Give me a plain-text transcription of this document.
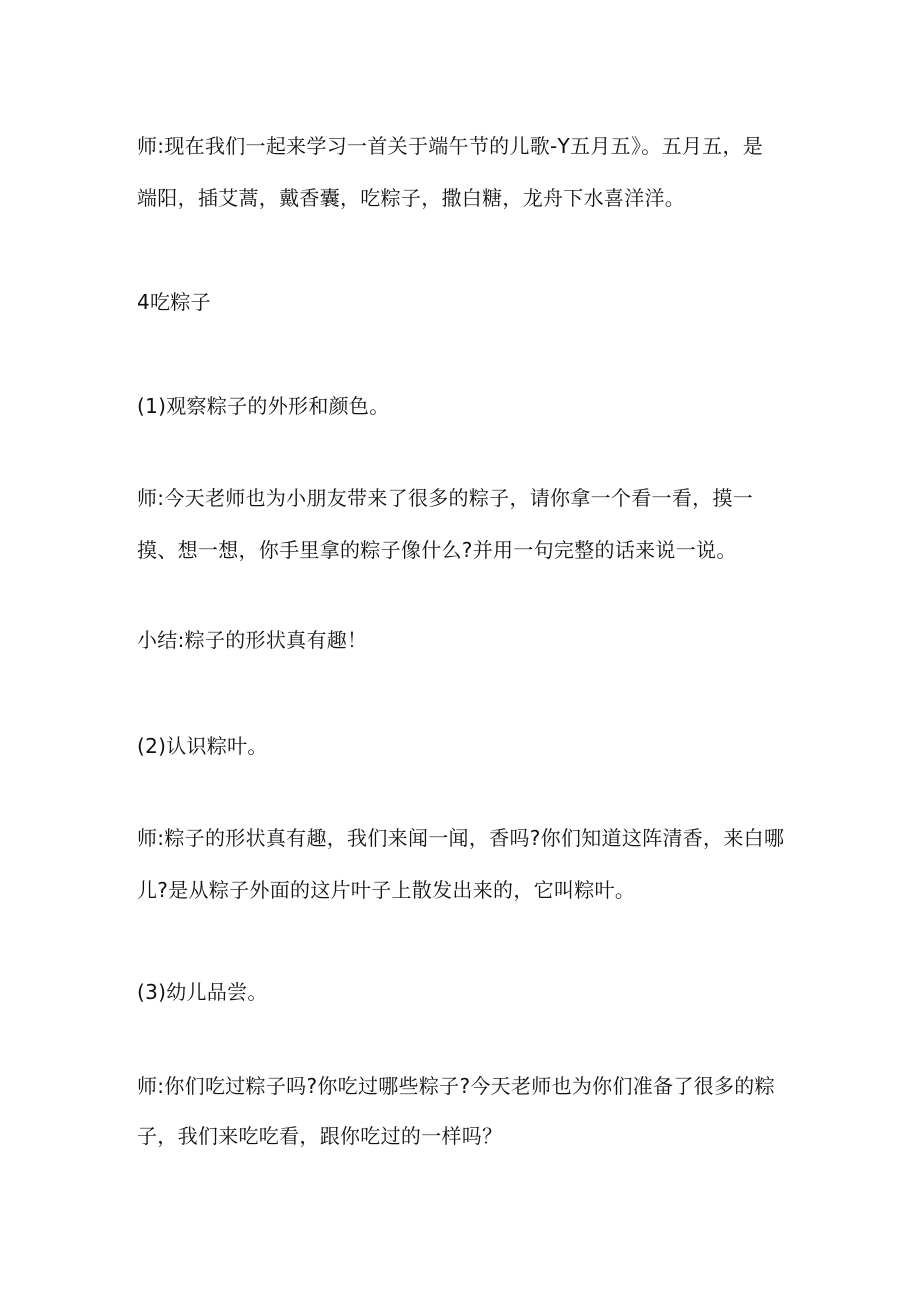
师:现在我们一起来学习一首关于端午节的儿歌-Y五月五》。五月五，是
端阳，插艾蒿，戴香囊，吃粽子，撒白糖，龙舟下水喜洋洋。
4吃粽子
(1)观察粽子的外形和颜色。
师:今天老师也为小朋友带来了很多的粽子，请你拿一个看一看，摸一
摸、想一想，你手里拿的粽子像什么?并用一句完整的话来说一说。
小结:粽子的形状真有趣！
(2)认识粽叶。
师:粽子的形状真有趣，我们来闻一闻，香吗?你们知道这阵清香，来白哪
儿?是从粽子外面的这片叶子上散发出来的，它叫粽叶。
(3)幼儿品尝。
师:你们吃过粽子吗?你吃过哪些粽子?今天老师也为你们准备了很多的粽
子，我们来吃吃看，跟你吃过的一样吗？
